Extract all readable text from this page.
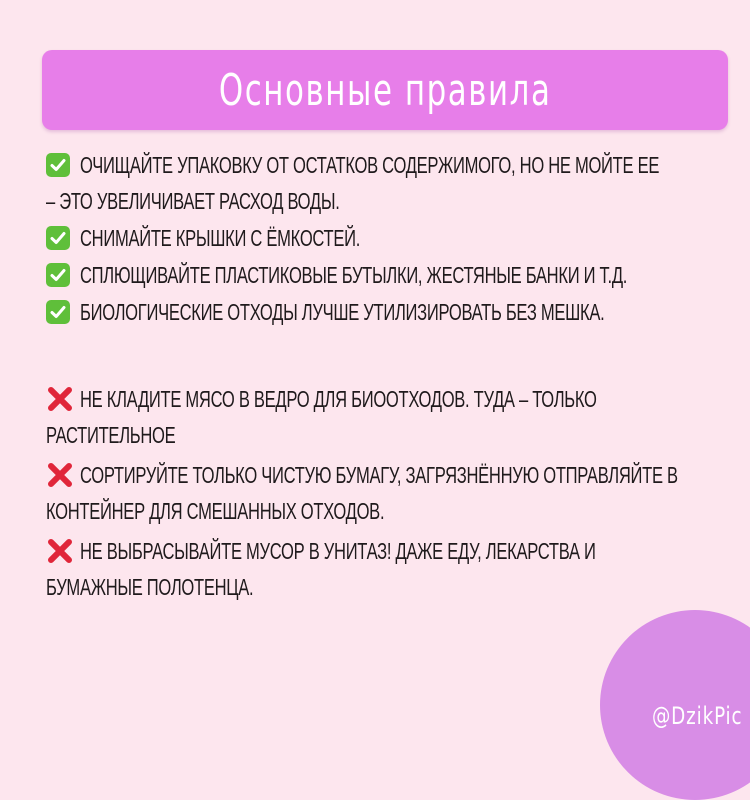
Основные правила
ОЧИЩАЙТЕ УПАКОВКУ ОТ ОСТАТКОВ СОДЕРЖИМОГО, НО НЕ МОЙТЕ ЕЕ
– ЭТО УВЕЛИЧИВАЕТ РАСХОД ВОДЫ.
СНИМАЙТЕ КРЫШКИ С ЁМКОСТЕЙ.
СПЛЮЩИВАЙТЕ ПЛАСТИКОВЫЕ БУТЫЛКИ, ЖЕСТЯНЫЕ БАНКИ И Т.Д.
БИОЛОГИЧЕСКИЕ ОТХОДЫ ЛУЧШЕ УТИЛИЗИРОВАТЬ БЕЗ МЕШКА.
НЕ КЛАДИТЕ МЯСО В ВЕДРО ДЛЯ БИООТХОДОВ. ТУДА – ТОЛЬКО
РАСТИТЕЛЬНОЕ
СОРТИРУЙТЕ ТОЛЬКО ЧИСТУЮ БУМАГУ, ЗАГРЯЗНЁННУЮ ОТПРАВЛЯЙТЕ В
КОНТЕЙНЕР ДЛЯ СМЕШАННЫХ ОТХОДОВ.
НЕ ВЫБРАСЫВАЙТЕ МУСОР В УНИТАЗ! ДАЖЕ ЕДУ, ЛЕКАРСТВА И
БУМАЖНЫЕ ПОЛОТЕНЦА.
@DzikPic
